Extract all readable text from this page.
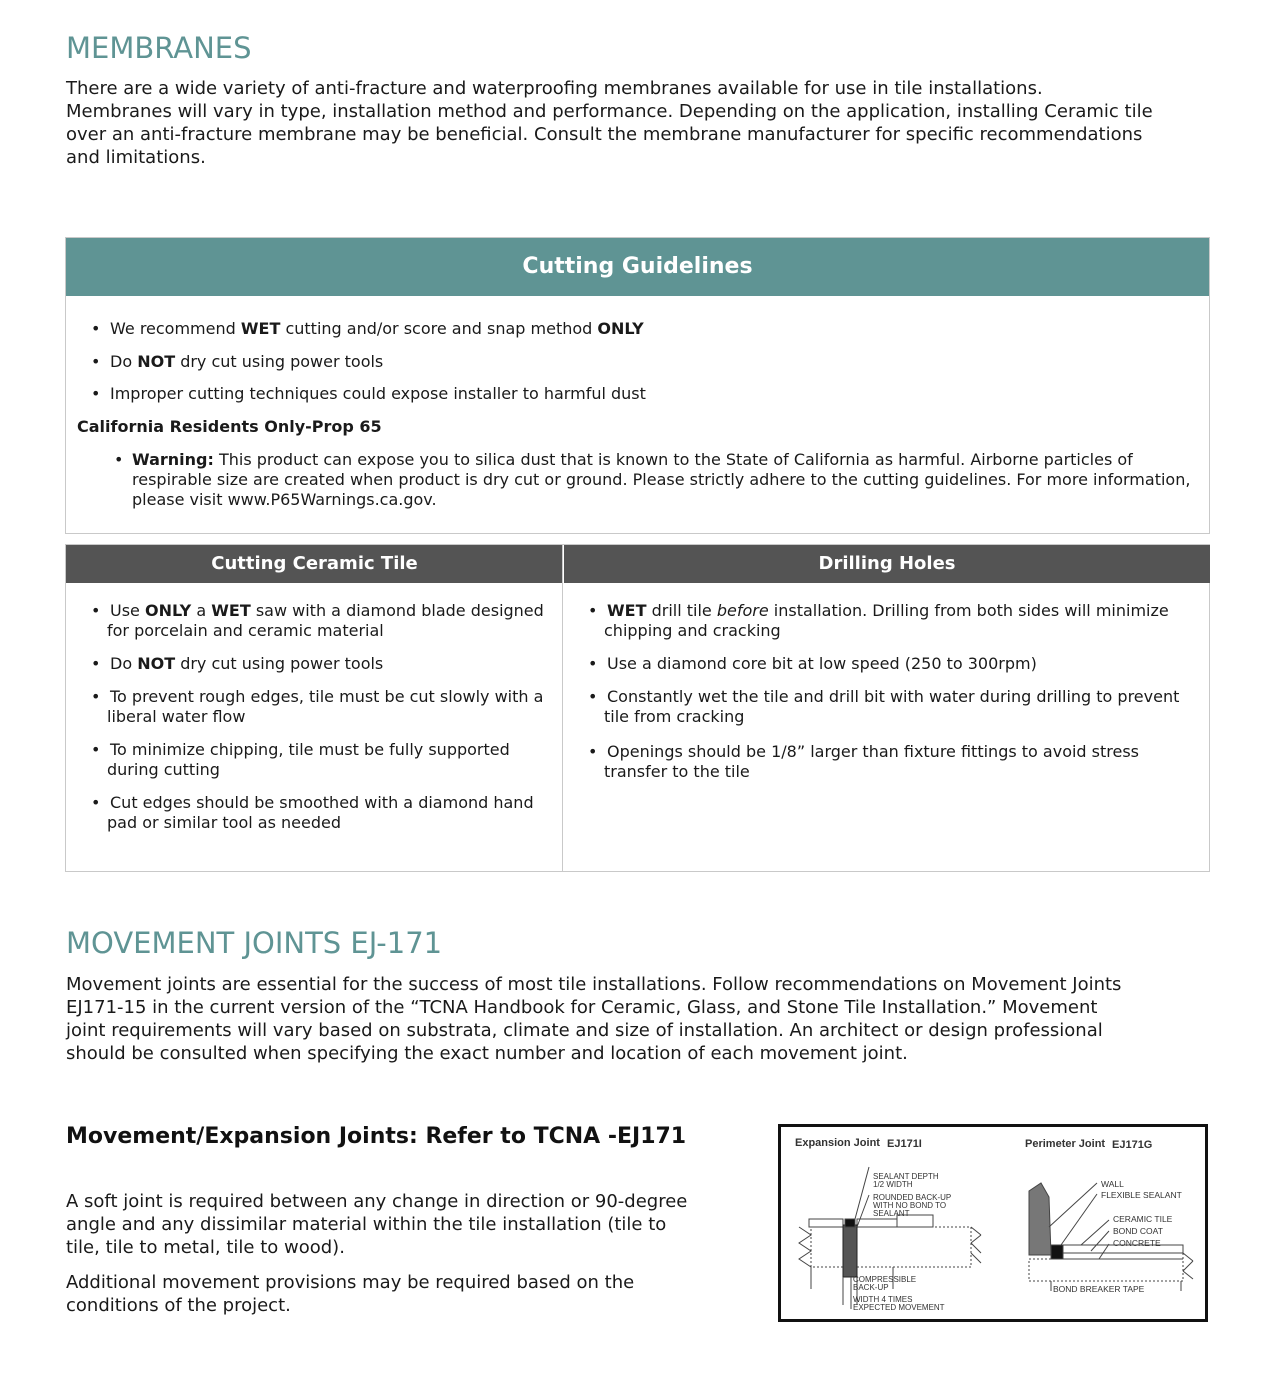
MEMBRANES
There are a wide variety of anti-fracture and waterproofing membranes available for use in tile installations.
Membranes will vary in type, installation method and performance. Depending on the application, installing Ceramic tile
over an anti-fracture membrane may be beneficial. Consult the membrane manufacturer for specific recommendations
and limitations.
Cutting Guidelines
• We recommend WET cutting and/or score and snap method ONLY
• Do NOT dry cut using power tools
• Improper cutting techniques could expose installer to harmful dust
California Residents Only-Prop 65
• Warning: This product can expose you to silica dust that is known to the State of California as harmful. Airborne particles of respirable size are created when product is dry cut or ground. Please strictly adhere to the cutting guidelines. For more information, please visit www.P65Warnings.ca.gov.
Cutting Ceramic Tile	Drilling Holes
• Use ONLY a WET saw with a diamond blade designed for porcelain and ceramic material
• Do NOT dry cut using power tools
• To prevent rough edges, tile must be cut slowly with a liberal water flow
• To minimize chipping, tile must be fully supported during cutting
• Cut edges should be smoothed with a diamond hand pad or similar tool as needed
• WET drill tile before installation. Drilling from both sides will minimize chipping and cracking
• Use a diamond core bit at low speed (250 to 300rpm)
• Constantly wet the tile and drill bit with water during drilling to prevent tile from cracking
• Openings should be 1/8” larger than fixture fittings to avoid stress transfer to the tile
MOVEMENT JOINTS EJ-171
Movement joints are essential for the success of most tile installations. Follow recommendations on Movement Joints
EJ171-15 in the current version of the “TCNA Handbook for Ceramic, Glass, and Stone Tile Installation.” Movement
joint requirements will vary based on substrata, climate and size of installation. An architect or design professional
should be consulted when specifying the exact number and location of each movement joint.
Movement/Expansion Joints: Refer to TCNA -EJ171
A soft joint is required between any change in direction or 90-degree
angle and any dissimilar material within the tile installation (tile to
tile, tile to metal, tile to wood).
Additional movement provisions may be required based on the
conditions of the project.
Expansion Joint EJ171I	Perimeter Joint EJ171G
SEALANT DEPTH
1/2 WIDTH
ROUNDED BACK-UP
WITH NO BOND TO
SEALANT
COMPRESSIBLE
BACK-UP
WIDTH 4 TIMES
EXPECTED MOVEMENT
WALL
FLEXIBLE SEALANT
CERAMIC TILE
BOND COAT
CONCRETE
BOND BREAKER TAPE
